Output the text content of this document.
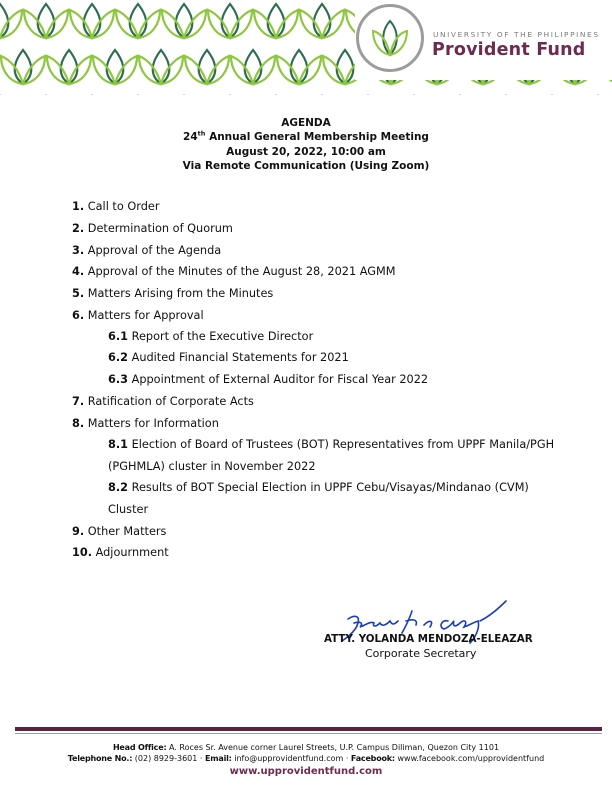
UNIVERSITY OF THE PHILIPPINES
Provident Fund
AGENDA
24th Annual General Membership Meeting
August 20, 2022, 10:00 am
Via Remote Communication (Using Zoom)
1. Call to Order
2. Determination of Quorum
3. Approval of the Agenda
4. Approval of the Minutes of the August 28, 2021 AGMM
5. Matters Arising from the Minutes
6. Matters for Approval
6.1 Report of the Executive Director
6.2 Audited Financial Statements for 2021
6.3 Appointment of External Auditor for Fiscal Year 2022
7. Ratification of Corporate Acts
8. Matters for Information
8.1 Election of Board of Trustees (BOT) Representatives from UPPF Manila/PGH
(PGHMLA) cluster in November 2022
8.2 Results of BOT Special Election in UPPF Cebu/Visayas/Mindanao (CVM)
Cluster
9. Other Matters
10. Adjournment
ATTY. YOLANDA MENDOZA-ELEAZAR
Corporate Secretary
Head Office: A. Roces Sr. Avenue corner Laurel Streets, U.P. Campus Diliman, Quezon City 1101
Telephone No.: (02) 8929-3601 · Email: info@upprovidentfund.com · Facebook: www.facebook.com/upprovidentfund
www.upprovidentfund.com
